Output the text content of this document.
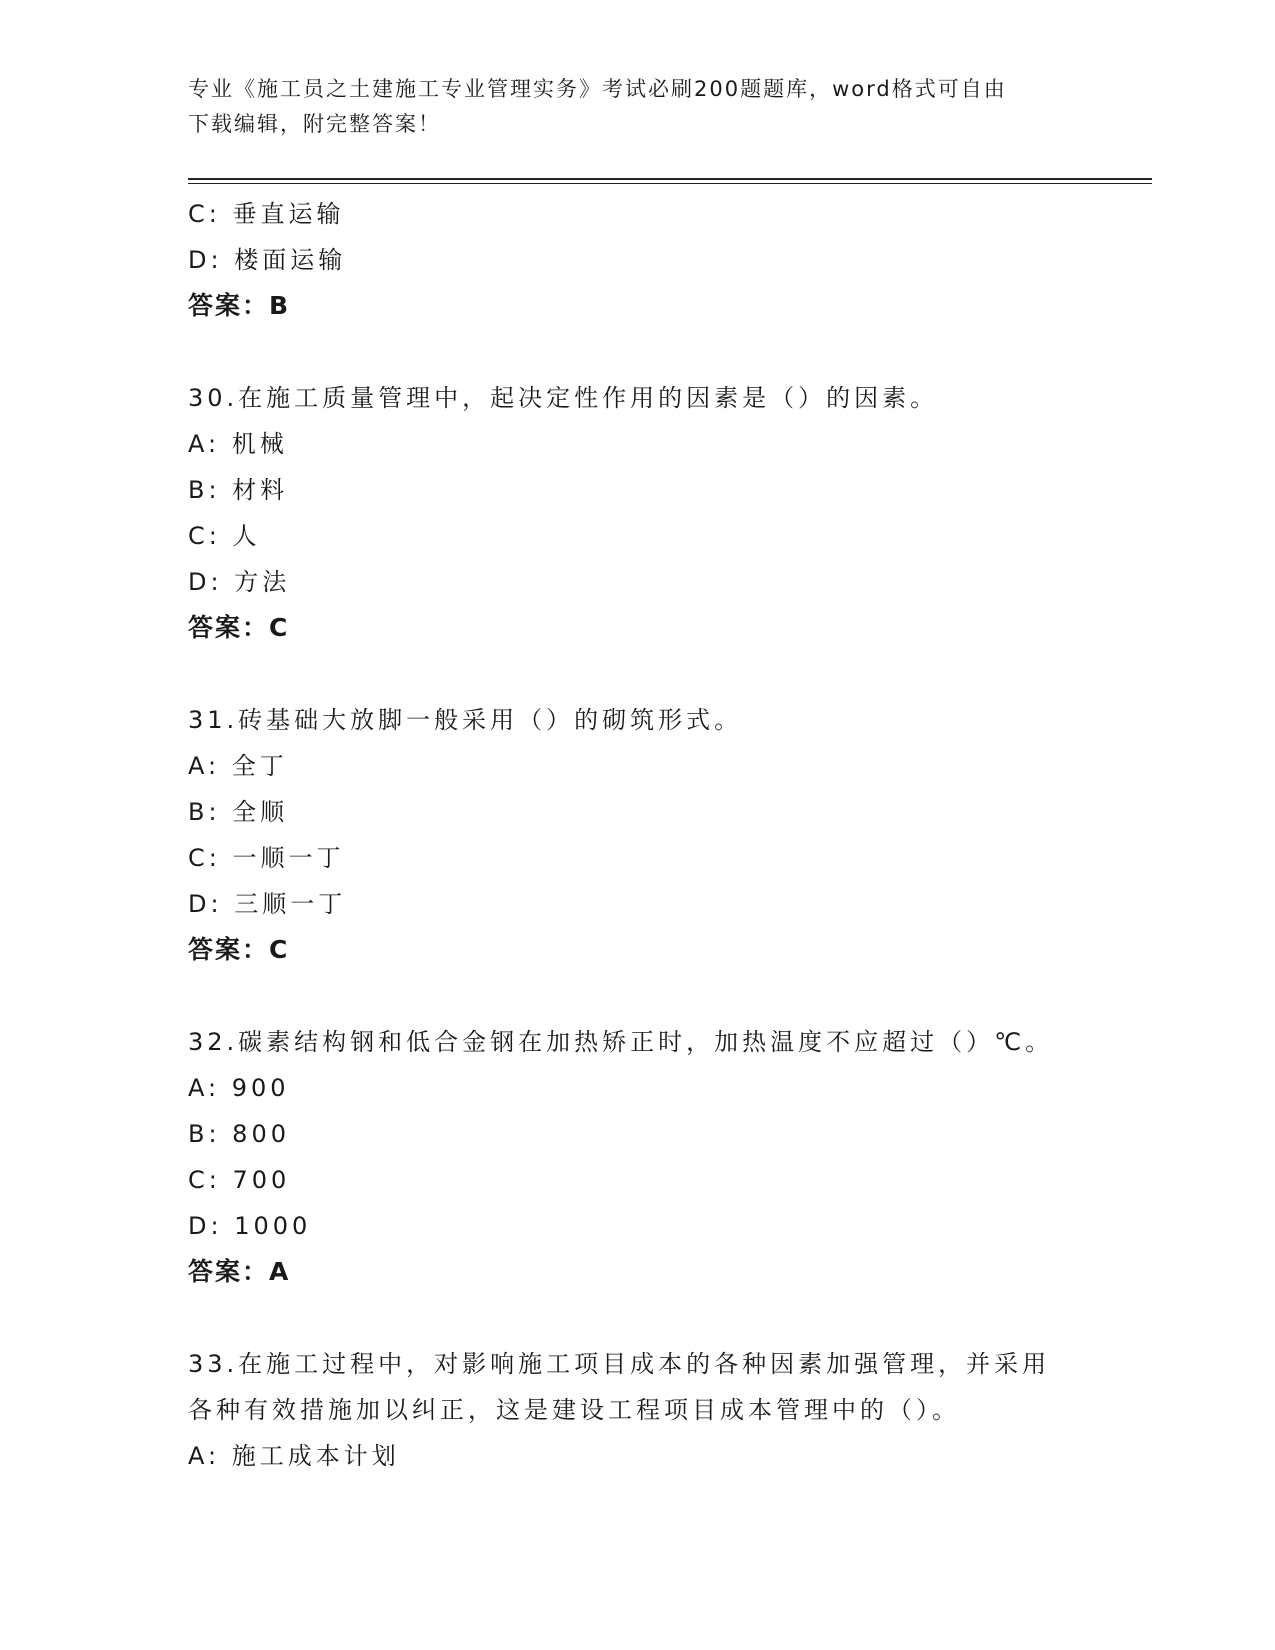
专业《施工员之土建施工专业管理实务》考试必刷200题题库，word格式可自由
下载编辑，附完整答案！
C: 垂直运输
D: 楼面运输
答案：B
30.在施工质量管理中，起决定性作用的因素是（）的因素。
A: 机械
B: 材料
C: 人
D: 方法
答案：C
31.砖基础大放脚一般采用（）的砌筑形式。
A: 全丁
B: 全顺
C: 一顺一丁
D: 三顺一丁
答案：C
32.碳素结构钢和低合金钢在加热矫正时，加热温度不应超过（）℃。
A: 900
B: 800
C: 700
D: 1000
答案：A
33.在施工过程中，对影响施工项目成本的各种因素加强管理，并采用
各种有效措施加以纠正，这是建设工程项目成本管理中的（）。
A: 施工成本计划
